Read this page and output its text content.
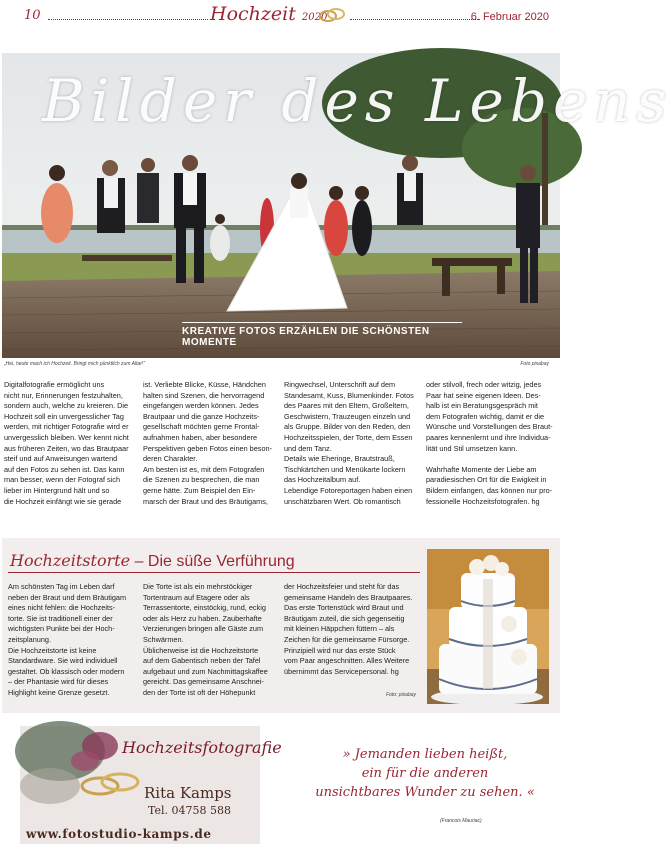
10	Hochzeit 2020	6. Februar 2020
Bilder des Lebens
KREATIVE FOTOS ERZÄHLEN DIE SCHÖNSTEN MOMENTE
„Hei, heute mach ich Hochzeit. Bringt mich pünktlich zum Altar!“	Foto pixabay

Digitalfotografie ermöglicht uns

nicht nur, Erinnerungen festzuhalten,

sondern auch, welche zu kreieren. Die

Hochzeit soll ein unvergesslicher Tag

werden, mit richtiger Fotografie wird er

unvergesslich bleiben. Wer kennt nicht

aus früheren Zeiten, wo das Brautpaar

steif und auf Anweisungen wartend

auf den Fotos zu sehen ist. Das kann

man besser, wenn der Fotograf sich

lieber im Hintergrund hält und so

die Hochzeit einfängt wie sie gerade

ist. Verliebte Blicke, Küsse, Händchen

halten sind Szenen, die hervorragend

eingefangen werden können. Jedes

Brautpaar und die ganze Hochzeits-

gesellschaft möchten gerne Frontal-

aufnahmen haben, aber besondere

Perspektiven geben Fotos einen beson-

deren Charakter.

Am besten ist es, mit dem Fotografen

die Szenen zu besprechen, die man

gerne hätte. Zum Beispiel den Ein-

marsch der Braut und des Bräutigams,

Ringwechsel, Unterschrift auf dem

Standesamt, Kuss, Blumenkinder. Fotos

des Paares mit den Eltern, Großeltern,

Geschwistern, Trauzeugen einzeln und

als Gruppe. Bilder von den Reden, den

Hochzeitsspielen, der Torte, dem Essen

und dem Tanz.

Details wie Eheringe, Brautstrauß,

Tischkärtchen und Menükarte lockern

das Hochzeitalbum auf.

Lebendige Fotoreportagen haben einen

unschätzbaren Wert. Ob romantisch

oder stilvoll, frech oder witzig, jedes

Paar hat seine eigenen Ideen. Des-

halb ist ein Beratungsgespräch mit

dem Fotografen wichtig, damit er die

Wünsche und Vorstellungen des Braut-

paares kennenlernt und ihre Individua-

lität und Stil umsetzen kann.

Wahrhafte Momente der Liebe am

paradiesischen Ort für die Ewigkeit in

Bildern einfangen, das können nur pro-

fessionelle Hochzeitsfotografen. hg

Hochzeitstorte – Die süße Verführung

Am schönsten Tag im Leben darf

neben der Braut und dem Bräutigam

eines nicht fehlen: die Hochzeits-

torte. Sie ist traditionell einer der

wichtigsten Punkte bei der Hoch-

zeitsplanung.

Die Hochzeitstorte ist keine

Standardware. Sie wird individuell

gestaltet. Ob klassisch oder modern

– der Phantasie wird für dieses

Highlight keine Grenze gesetzt.

Die Torte ist als ein mehrstöckiger

Tortentraum auf Etagere oder als

Terrassentorte, einstöckig, rund, eckig

oder als Herz zu haben. Zauberhafte

Verzierungen bringen alle Gäste zum

Schwärmen.

Üblicherweise ist die Hochzeitstorte

auf dem Gabentisch neben der Tafel

aufgebaut und zum Nachmittagskaffee

gereicht. Das gemeinsame Anschnei-

den der Torte ist oft der Höhepunkt

der Hochzeitsfeier und steht für das

gemeinsame Handeln des Brautpaares.

Das erste Tortenstück wird Braut und

Bräutigam zuteil, die sich gegenseitig

mit kleinen Häppchen füttern – als

Zeichen für die gemeinsame Fürsorge.

Prinzipiell wird nur das erste Stück

vom Paar angeschnitten. Alles Weitere

übernimmt das Servicepersonal. hg

Foto: pixabay
Hochzeitsfotografie
Rita Kamps
Tel. 04758 588
www.fotostudio-kamps.de
» Jemanden lieben heißt,
ein für die anderen
unsichtbares Wunder zu sehen. «
(Francois Mauriac)
